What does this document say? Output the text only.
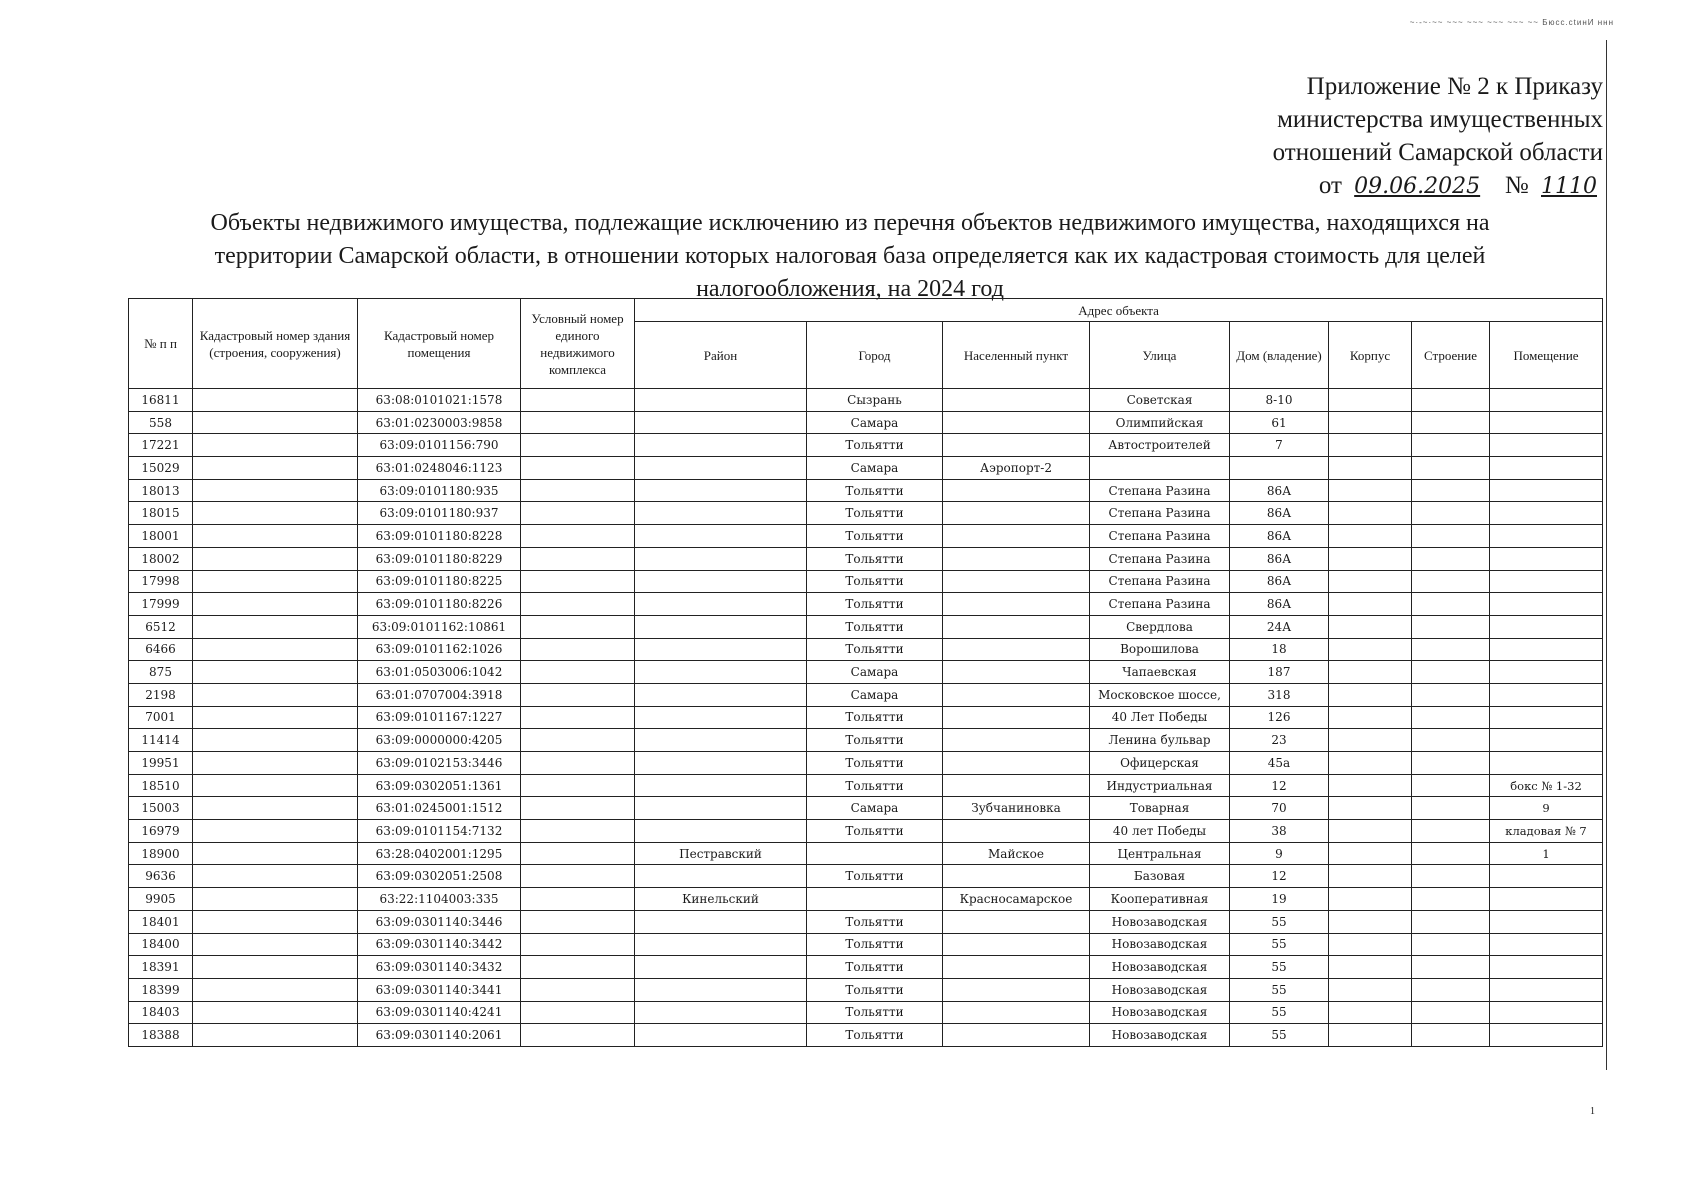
~·-~·~~ ~~~ ~~~ ~~~ ~~~ ~~ Бюсс.сtинИ ннн
Приложение № 2 к Приказу
министерства имущественных
отношений Самарской области
от 09.06.2025 № 1110
Объекты недвижимого имущества, подлежащие исключению из перечня объектов недвижимого имущества, находящихся на территории Самарской области, в отношении которых налоговая база определяется как их кадастровая стоимость для целей налогообложения, на 2024 год
№ п п	Кадастровый номер здания (строения, сооружения)	Кадастровый номер помещения	Условный номер единого недвижимого комплекса	Адрес объекта							
				Район	Город	Населенный пункт	Улица	Дом (владение)	Корпус	Строение	Помещение
16811		63:08:0101021:1578			Сызрань		Советская	8-10			
558		63:01:0230003:9858			Самара		Олимпийская	61			
17221		63:09:0101156:790			Тольятти		Автостроителей	7			
15029		63:01:0248046:1123			Самара	Аэропорт-2					
18013		63:09:0101180:935			Тольятти		Степана Разина	86А			
18015		63:09:0101180:937			Тольятти		Степана Разина	86А			
18001		63:09:0101180:8228			Тольятти		Степана Разина	86А			
18002		63:09:0101180:8229			Тольятти		Степана Разина	86А			
17998		63:09:0101180:8225			Тольятти		Степана Разина	86А			
17999		63:09:0101180:8226			Тольятти		Степана Разина	86А			
6512		63:09:0101162:10861			Тольятти		Свердлова	24А			
6466		63:09:0101162:1026			Тольятти		Ворошилова	18			
875		63:01:0503006:1042			Самара		Чапаевская	187			
2198		63:01:0707004:3918			Самара		Московское шоссе,	318			
7001		63:09:0101167:1227			Тольятти		40 Лет Победы	126			
11414		63:09:0000000:4205			Тольятти		Ленина бульвар	23			
19951		63:09:0102153:3446			Тольятти		Офицерская	45а			
18510		63:09:0302051:1361			Тольятти		Индустриальная	12			бокс № 1-32
15003		63:01:0245001:1512			Самара	Зубчаниновка	Товарная	70			9
16979		63:09:0101154:7132			Тольятти		40 лет Победы	38			кладовая № 7
18900		63:28:0402001:1295		Пестравский		Майское	Центральная	9			1
9636		63:09:0302051:2508			Тольятти		Базовая	12			
9905		63:22:1104003:335		Кинельский		Красносамарское	Кооперативная	19			
18401		63:09:0301140:3446			Тольятти		Новозаводская	55			
18400		63:09:0301140:3442			Тольятти		Новозаводская	55			
18391		63:09:0301140:3432			Тольятти		Новозаводская	55			
18399		63:09:0301140:3441			Тольятти		Новозаводская	55			
18403		63:09:0301140:4241			Тольятти		Новозаводская	55			
18388		63:09:0301140:2061			Тольятти		Новозаводская	55			
1
